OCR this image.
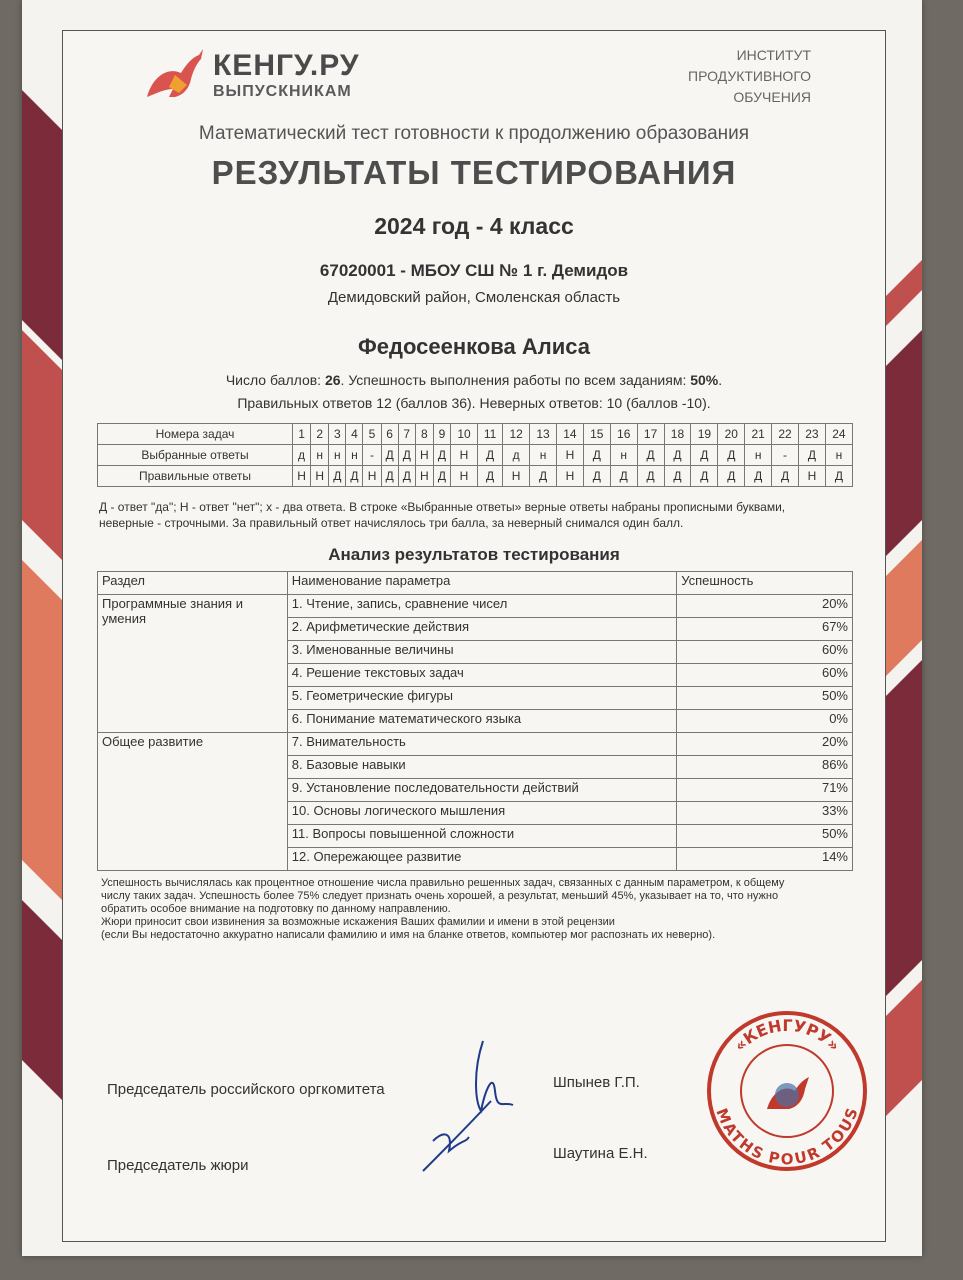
КЕНГУ.РУ
ВЫПУСКНИКАМ
ИНСТИТУТ
ПРОДУКТИВНОГО
ОБУЧЕНИЯ
Математический тест готовности к продолжению образования
РЕЗУЛЬТАТЫ ТЕСТИРОВАНИЯ
2024 год - 4 класс
67020001 - МБОУ СШ № 1 г. Демидов
Демидовский район, Смоленская область
Федосеенкова Алиса
Число баллов: 26. Успешность выполнения работы по всем заданиям: 50%.
Правильных ответов 12 (баллов 36). Неверных ответов: 10 (баллов -10).
Номера задач	1	2	3	4	5	6	7	8	9	10	11	12	13	14	15	16	17	18	19	20	21	22	23	24
Выбранные ответы	д	н	н	н	-	Д	Д	Н	Д	Н	Д	д	н	Н	Д	н	Д	Д	Д	Д	н	-	Д	н
Правильные ответы	Н	Н	Д	Д	Н	Д	Д	Н	Д	Н	Д	Н	Д	Н	Д	Д	Д	Д	Д	Д	Д	Д	Н	Д
Д - ответ "да"; Н - ответ "нет"; х - два ответа. В строке «Выбранные ответы» верные ответы набраны прописными буквами,
неверные - строчными. За правильный ответ начислялось три балла, за неверный снимался один балл.
Анализ результатов тестирования
Раздел	Наименование параметра	Успешность
Программные знания и умения	1. Чтение, запись, сравнение чисел	20%
	2. Арифметические действия	67%
	3. Именованные величины	60%
	4. Решение текстовых задач	60%
	5. Геометрические фигуры	50%
	6. Понимание математического языка	0%
Общее развитие	7. Внимательность	20%
	8. Базовые навыки	86%
	9. Установление последовательности действий	71%
	10. Основы логического мышления	33%
	11. Вопросы повышенной сложности	50%
	12. Опережающее развитие	14%
Успешность вычислялась как процентное отношение числа правильно решенных задач, связанных с данным параметром, к общему
числу таких задач. Успешность более 75% следует признать очень хорошей, а результат, меньший 45%, указывает на то, что нужно
обратить особое внимание на подготовку по данному направлению.
Жюри приносит свои извинения за возможные искажения Ваших фамилии и имени в этой рецензии
(если Вы недостаточно аккуратно написали фамилию и имя на бланке ответов, компьютер мог распознать их неверно).
Председатель российского оргкомитета	Шпынев Г.П.
Председатель жюри
Шаутина Е.Н.
«КЕНГУРУ»
MATHS POUR TOUS
